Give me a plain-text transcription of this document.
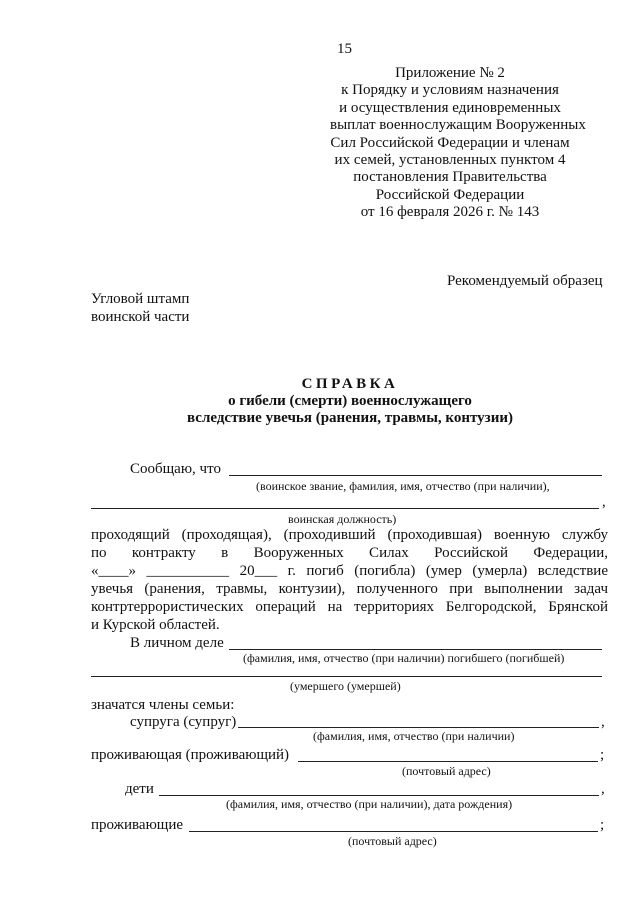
15
Приложение № 2
к Порядку и условиям назначения
и осуществления единовременных
выплат военнослужащим Вооруженных
Сил Российской Федерации и членам
их семей, установленных пунктом 4
постановления Правительства
Российской Федерации
от 16 февраля 2026 г. № 143
Рекомендуемый образец
Угловой штамп
воинской части
СПРАВКА
о гибели (смерти) военнослужащего
вследствие увечья (ранения, травмы, контузии)
Сообщаю, что
(воинское звание, фамилия, имя, отчество (при наличии),
,
воинская должность)
проходящий (проходящая), (проходивший (проходившая) военную службу
по контракту в Вооруженных Силах Российской Федерации,
«____» ___________ 20___ г. погиб (погибла) (умер (умерла) вследствие
увечья (ранения, травмы, контузии), полученного при выполнении задач
контртеррористических операций на территориях Белгородской, Брянской
и Курской областей.
В личном деле
(фамилия, имя, отчество (при наличии) погибшего (погибшей)
(умершего (умершей)
значатся члены семьи:
супруга (супруг)	,
(фамилия, имя, отчество (при наличии)
проживающая (проживающий)	;
(почтовый адрес)
дети	,
(фамилия, имя, отчество (при наличии), дата рождения)
проживающие	;
(почтовый адрес)
